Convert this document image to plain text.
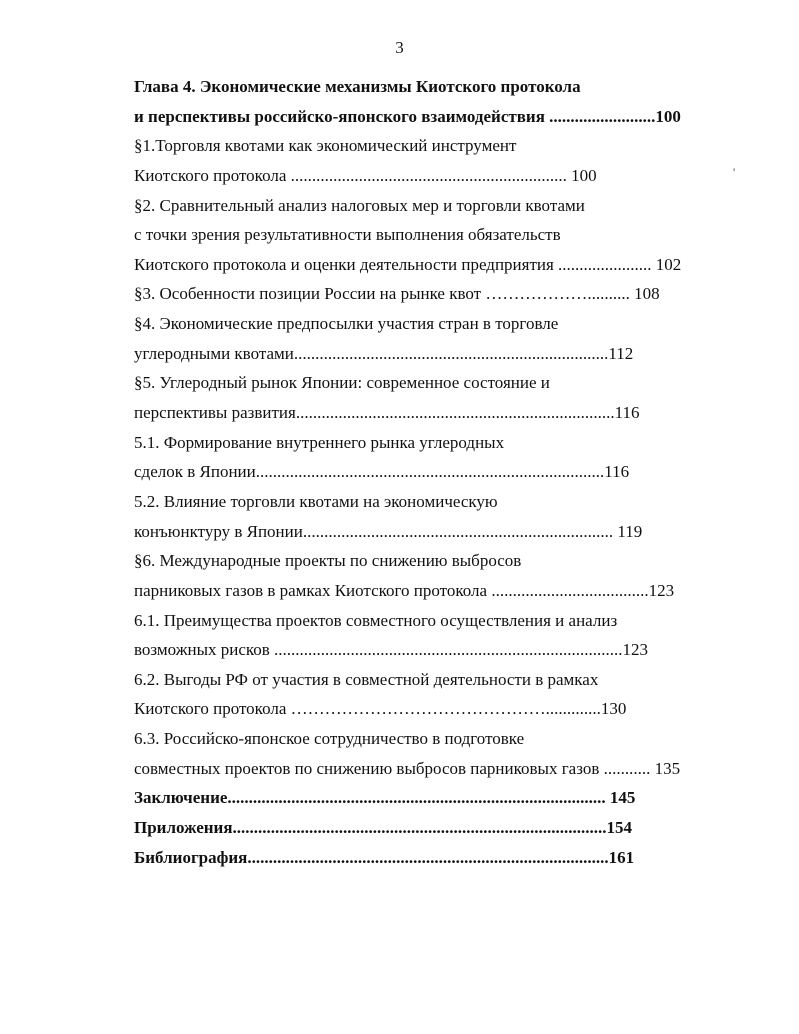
3
Глава 4. Экономические механизмы Киотского протокола
и перспективы российско-японского взаимодействия .........................100
§1.Торговля квотами как экономический инструмент
Киотского протокола ................................................................. 100
§2. Сравнительный анализ налоговых мер и торговли квотами
с точки зрения результативности выполнения обязательств
Киотского протокола и оценки деятельности предприятия ...................... 102
§3. Особенности позиции России на рынке квот ……………….......... 108
§4. Экономические предпосылки участия стран в торговле
углеродными квотами..........................................................................112
§5. Углеродный рынок Японии: современное состояние и
перспективы развития...........................................................................116
5.1. Формирование внутреннего рынка углеродных
сделок в Японии..................................................................................116
5.2. Влияние торговли квотами на экономическую
конъюнктуру в Японии......................................................................... 119
§6. Международные проекты по снижению выбросов
парниковых газов в рамках Киотского протокола .....................................123
6.1. Преимущества проектов совместного осуществления и анализ
возможных рисков ..................................................................................123
6.2. Выгоды РФ от участия в совместной деятельности в рамках
Киотского протокола ……………………………………….............130
6.3. Российско-японское сотрудничество в подготовке
совместных проектов по снижению выбросов парниковых газов ........... 135
Заключение......................................................................................... 145
Приложения........................................................................................154
Библиография.....................................................................................161
'
